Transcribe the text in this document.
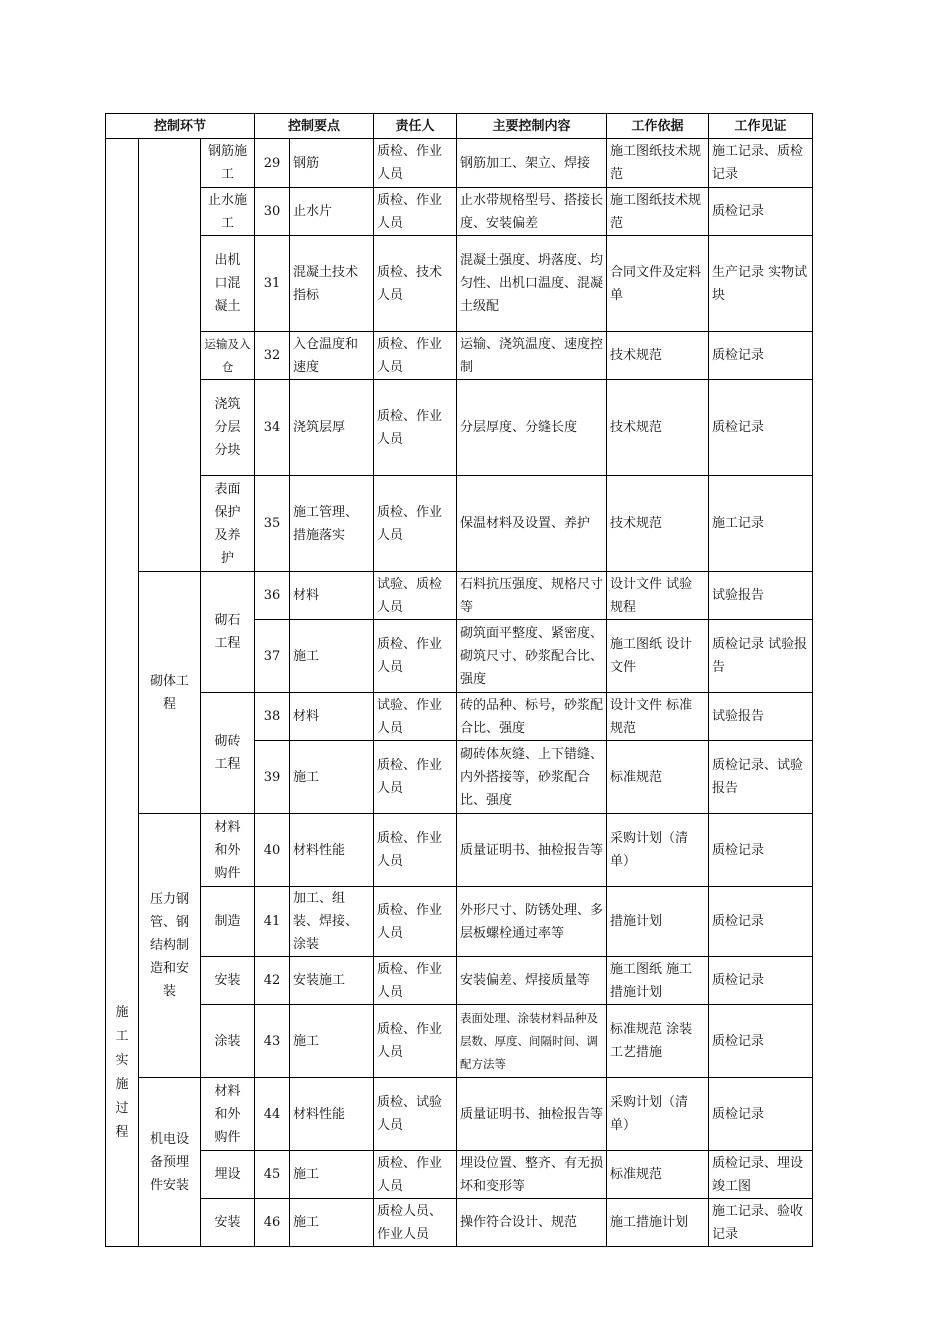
控制环节			控制要点		责任人	主要控制内容	工作依据	工作见证
施工实施过程		钢筋施工	29	钢筋	质检、作业人员	钢筋加工、架立、焊接	施工图纸技术规范	施工记录、质检记录
		止水施工	30	止水片	质检、作业人员	止水带规格型号、搭接长度、安装偏差	施工图纸技术规范	质检记录
		出机口混凝土	31	混凝土技术指标	质检、技术人员	混凝土强度、坍落度、均匀性、出机口温度、混凝土级配	合同文件及定料单	生产记录 实物试块
		运输及入仓	32	入仓温度和速度	质检、作业人员	运输、浇筑温度、速度控制	技术规范	质检记录
		浇筑分层分块	34	浇筑层厚	质检、作业人员	分层厚度、分缝长度	技术规范	质检记录
		表面保护及养护	35	施工管理、措施落实	质检、作业人员	保温材料及设置、养护	技术规范	施工记录
	砌体工程	砌石工程	36	材料	试验、质检人员	石料抗压强度、规格尺寸等	设计文件 试验规程	试验报告
			37	施工	质检、作业人员	砌筑面平整度、紧密度、砌筑尺寸、砂浆配合比、强度	施工图纸 设计文件	质检记录 试验报告
		砌砖工程	38	材料	试验、作业人员	砖的品种、标号，砂浆配合比、强度	设计文件 标准规范	试验报告
			39	施工	质检、作业人员	砌砖体灰缝、上下错缝、内外搭接等，砂浆配合比、强度	标准规范	质检记录、试验报告
	压力钢管、钢结构制造和安装	材料和外购件	40	材料性能	质检、作业人员	质量证明书、抽检报告等	采购计划（清单）	质检记录
		制造	41	加工、组装、焊接、涂装	质检、作业人员	外形尺寸、防锈处理、多层板螺栓通过率等	措施计划	质检记录
		安装	42	安装施工	质检、作业人员	安装偏差、焊接质量等	施工图纸 施工措施计划	质检记录
		涂装	43	施工	质检、作业人员	表面处理、涂装材料品种及层数、厚度、间隔时间、调配方法等	标准规范 涂装工艺措施	质检记录
	机电设备预埋件安装	材料和外购件	44	材料性能	质检、试验人员	质量证明书、抽检报告等	采购计划（清单）	质检记录
		埋设	45	施工	质检、作业人员	埋设位置、整齐、有无损坏和变形等	标准规范	质检记录、埋设竣工图
		安装	46	施工	质检人员、作业人员	操作符合设计、规范	施工措施计划	施工记录、验收记录
